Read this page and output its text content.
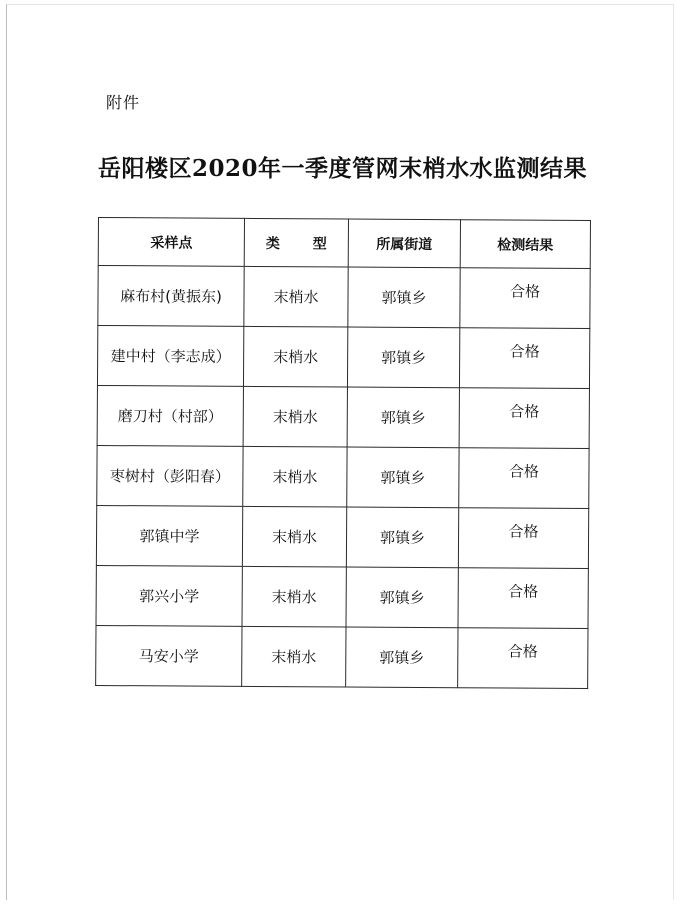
附件
岳阳楼区2020年一季度管网末梢水水监测结果
采样点	类 型	所属街道	检测结果
麻布村(黄振东)	末梢水	郭镇乡	合格
建中村（李志成）	末梢水	郭镇乡	合格
磨刀村（村部）	末梢水	郭镇乡	合格
枣树村（彭阳春）	末梢水	郭镇乡	合格
郭镇中学	末梢水	郭镇乡	合格
郭兴小学	末梢水	郭镇乡	合格
马安小学	末梢水	郭镇乡	合格
